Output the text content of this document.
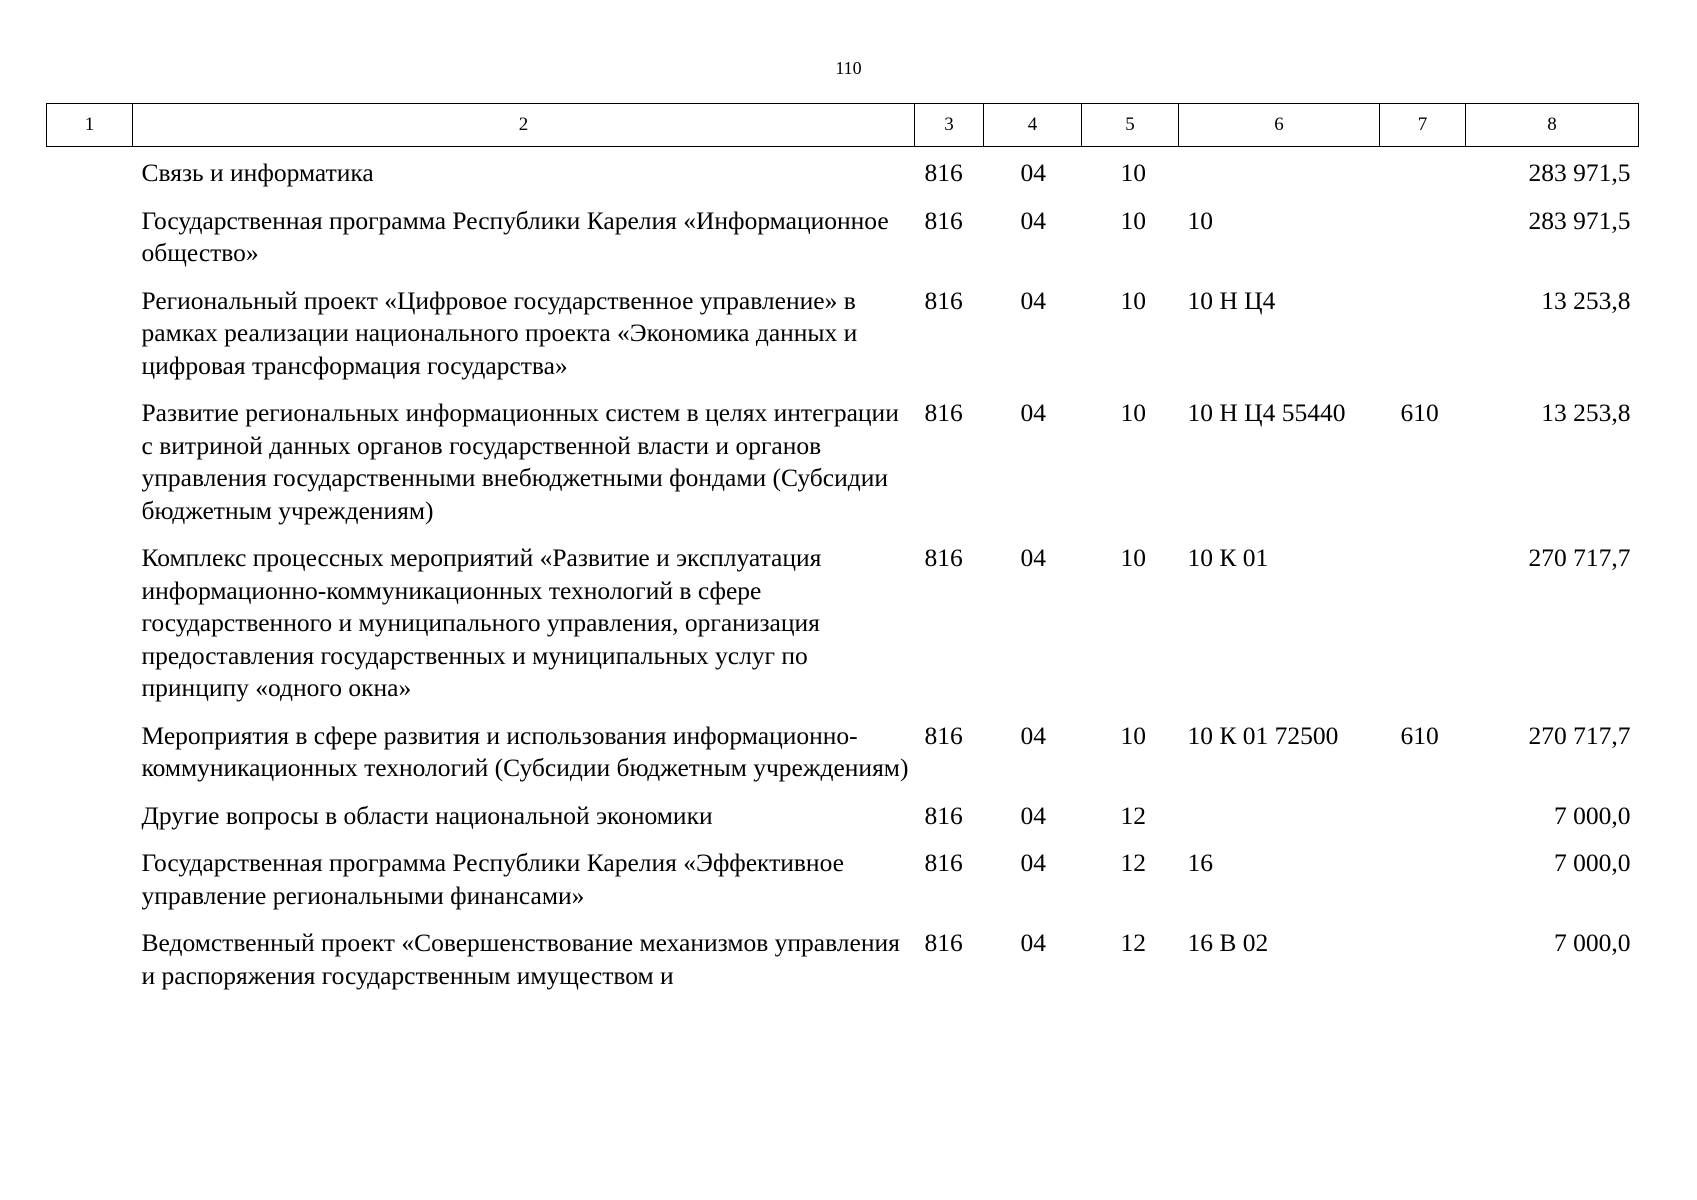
110
1	2	3	4	5	6	7	8
	Связь и информатика	816	04	10			283 971,5
	Государственная программа Республики Карелия «Информационное общество»	816	04	10	10		283 971,5
	Региональный проект «Цифровое государственное управление» в рамках реализации национального проекта «Экономика данных и цифровая трансформация государства»	816	04	10	10 Н Ц4		13 253,8
	Развитие региональных информационных систем в целях интеграции с витриной данных органов государственной власти и органов управления государственными внебюджетными фондами (Субсидии бюджетным учреждениям)	816	04	10	10 Н Ц4 55440	610	13 253,8
	Комплекс процессных мероприятий «Развитие и эксплуатация информационно-коммуникационных технологий в сфере государственного и муниципального управления, организация предоставления государственных и муниципальных услуг по принципу «одного окна»	816	04	10	10 К 01		270 717,7
	Мероприятия в сфере развития и использования информационно-коммуникационных технологий (Субсидии бюджетным учреждениям)	816	04	10	10 К 01 72500	610	270 717,7
	Другие вопросы в области национальной экономики	816	04	12			7 000,0
	Государственная программа Республики Карелия «Эффективное управление региональными финансами»	816	04	12	16		7 000,0
	Ведомственный проект «Совершенствование механизмов управления и распоряжения государственным имуществом и	816	04	12	16 В 02		7 000,0
